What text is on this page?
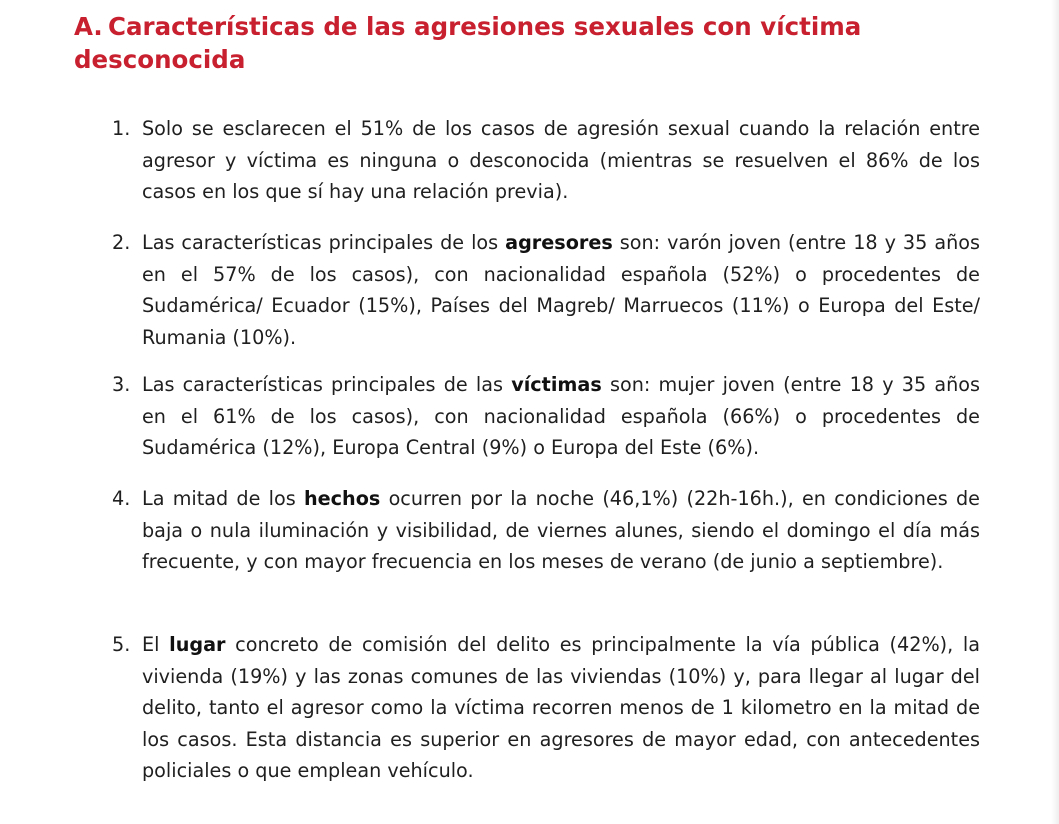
A. Características de las agresiones sexuales con víctima desconocida
1. Solo se esclarecen el 51% de los casos de agresión sexual cuando la relación entre agresor y víctima es ninguna o desconocida (mientras se resuelven el 86% de los casos en los que sí hay una relación previa).
2. Las características principales de los agresores son: varón joven (entre 18 y 35 años en el 57% de los casos), con nacionalidad española (52%) o procedentes de Sudamérica/ Ecuador (15%), Países del Magreb/ Marruecos (11%) o Europa del Este/ Rumania (10%).
3. Las características principales de las víctimas son: mujer joven (entre 18 y 35 años en el 61% de los casos), con nacionalidad española (66%) o procedentes de Sudamérica (12%), Europa Central (9%) o Europa del Este (6%).
4. La mitad de los hechos ocurren por la noche (46,1%) (22h-16h.), en condiciones de baja o nula iluminación y visibilidad, de viernes alunes, siendo el domingo el día más frecuente, y con mayor frecuencia en los meses de verano (de junio a septiembre).
5. El lugar concreto de comisión del delito es principalmente la vía pública (42%), la vivienda (19%) y las zonas comunes de las viviendas (10%) y, para llegar al lugar del delito, tanto el agresor como la víctima recorren menos de 1 kilometro en la mitad de los casos. Esta distancia es superior en agresores de mayor edad, con antecedentes policiales o que emplean vehículo.
